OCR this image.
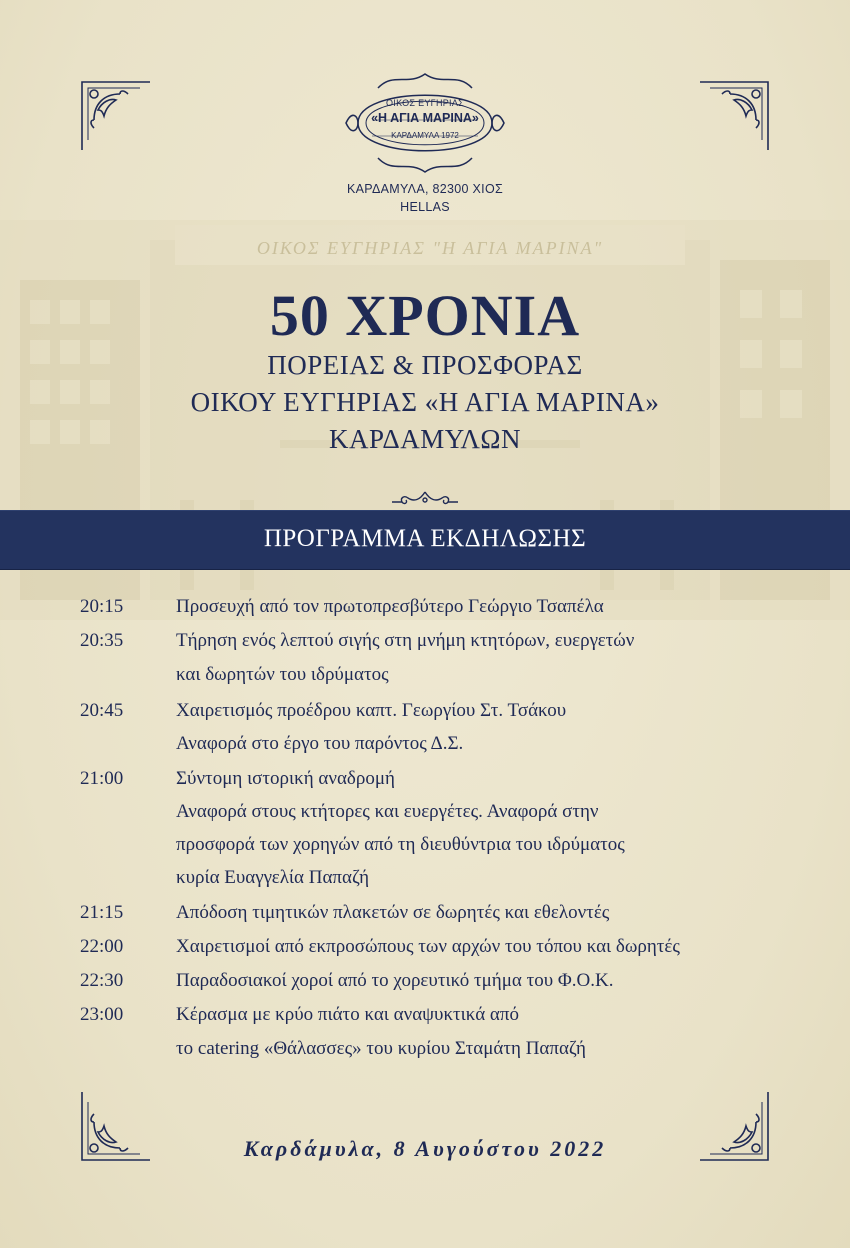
ΟΙΚΟΣ ΕΥΓΗΡΙΑΣ "Η ΑΓΙΑ ΜΑΡΙΝΑ"
ΟΙΚΟΣ ΕΥΓΗΡΙΑΣ
«Η ΑΓΙΑ ΜΑΡΙΝΑ»
ΚΑΡΔΑΜΥΛΑ 1972
ΚΑΡΔΑΜΥΛΑ, 82300 ΧΙΟΣ
HELLAS
50 ΧΡΟΝΙΑ
ΠΟΡΕΙΑΣ & ΠΡΟΣΦΟΡΑΣ
ΟΙΚΟΥ ΕΥΓΗΡΙΑΣ «Η ΑΓΙΑ ΜΑΡΙΝΑ»
ΚΑΡΔΑΜΥΛΩΝ
ΠΡΟΓΡΑΜΜΑ ΕΚΔΗΛΩΣΗΣ
20:15	Προσευχή από τον πρωτοπρεσβύτερο Γεώργιο Τσαπέλα
20:35	Τήρηση ενός λεπτού σιγής στη μνήμη κτητόρων, ευεργετών
και δωρητών του ιδρύματος
20:45	Χαιρετισμός προέδρου καπτ. Γεωργίου Στ. Τσάκου
Αναφορά στο έργο του παρόντος Δ.Σ.
21:00	Σύντομη ιστορική αναδρομή
Αναφορά στους κτήτορες και ευεργέτες. Αναφορά στην
προσφορά των χορηγών από τη διευθύντρια του ιδρύματος
κυρία Ευαγγελία Παπαζή
21:15	Απόδοση τιμητικών πλακετών σε δωρητές και εθελοντές
22:00	Χαιρετισμοί από εκπροσώπους των αρχών του τόπου και δωρητές
22:30	Παραδοσιακοί χοροί από το χορευτικό τμήμα του Φ.Ο.Κ.
23:00	Κέρασμα με κρύο πιάτο και αναψυκτικά από
το catering «Θάλασσες» του κυρίου Σταμάτη Παπαζή
Καρδάμυλα, 8 Αυγούστου 2022
